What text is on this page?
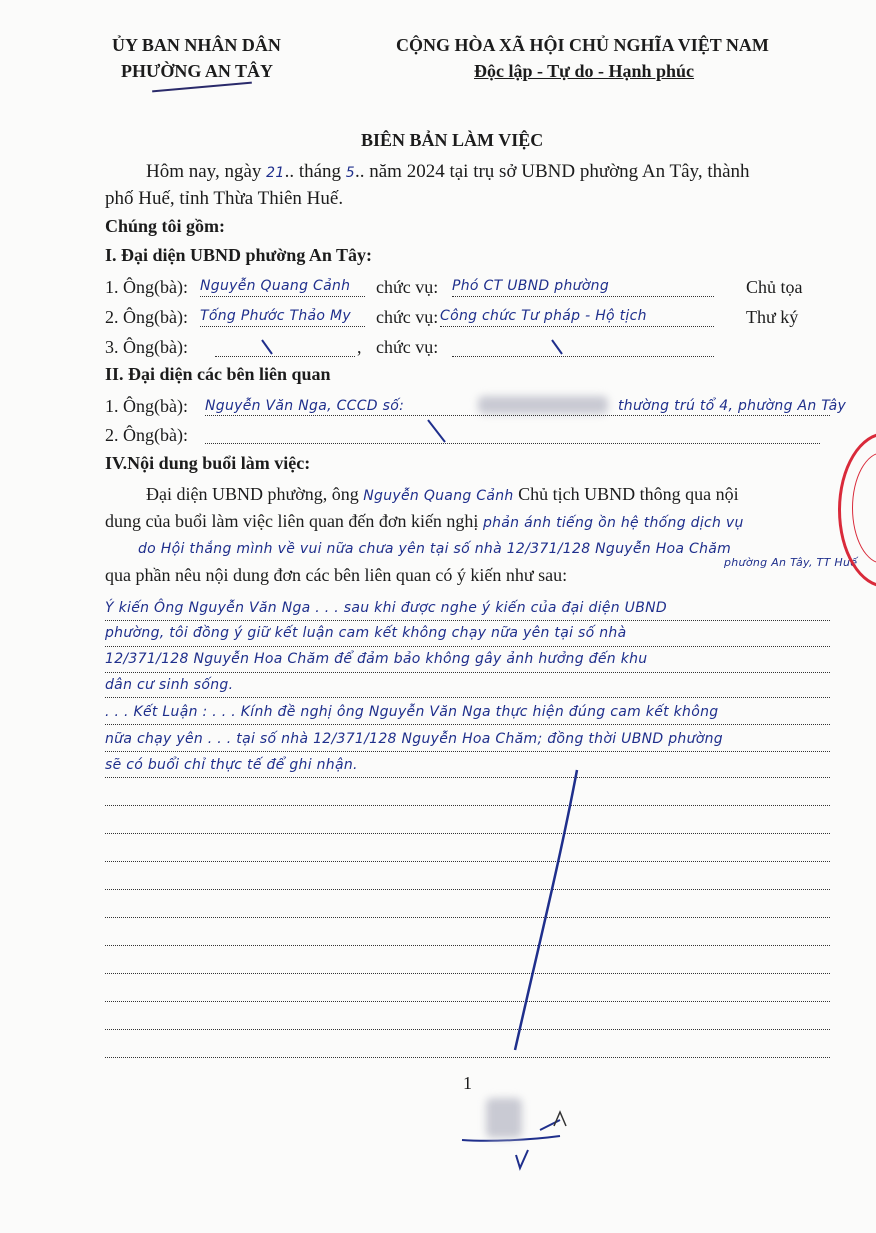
ỦY BAN NHÂN DÂN
PHƯỜNG AN TÂY
CỘNG HÒA XÃ HỘI CHỦ NGHĨA VIỆT NAM
Độc lập - Tự do - Hạnh phúc
BIÊN BẢN LÀM VIỆC
Hôm nay, ngày 21.. tháng 5.. năm 2024 tại trụ sở UBND phường An Tây, thành
phố Huế, tỉnh Thừa Thiên Huế.
Chúng tôi gồm:
I. Đại diện UBND phường An Tây:
1. Ông(bà): Nguyễn Quang Cảnh chức vụ: Phó CT UBND phường	Chủ tọa
2. Ông(bà): Tống Phước Thảo My chức vụ: Công chức Tư pháp - Hộ tịch	Thư ký
3. Ông(bà):	, chức vụ:
II. Đại diện các bên liên quan
1. Ông(bà): Nguyễn Văn Nga, CCCD số:	thường trú tổ 4, phường An Tây
2. Ông(bà):
IV.Nội dung buổi làm việc:
Đại diện UBND phường, ông Nguyễn Quang Cảnh Chủ tịch UBND thông qua nội
dung của buổi làm việc liên quan đến đơn kiến nghị phản ánh tiếng ồn hệ thống dịch vụ
do Hội thắng mình về vui nữa chưa yên tại số nhà 12/371/128 Nguyễn Hoa Chăm
phường An Tây, TT Huế
qua phần nêu nội dung đơn các bên liên quan có ý kiến như sau:
Ý kiến Ông Nguyễn Văn Nga . . . sau khi được nghe ý kiến của đại diện UBND
phường, tôi đồng ý giữ kết luận cam kết không chạy nữa yên tại số nhà
12/371/128 Nguyễn Hoa Chăm để đảm bảo không gây ảnh hưởng đến khu
dân cư sinh sống.
. . . Kết Luận : . . . Kính đề nghị ông Nguyễn Văn Nga thực hiện đúng cam kết không
nữa chạy yên . . . tại số nhà 12/371/128 Nguyễn Hoa Chăm; đồng thời UBND phường
sẽ có buổi chỉ thực tế để ghi nhận.
1
